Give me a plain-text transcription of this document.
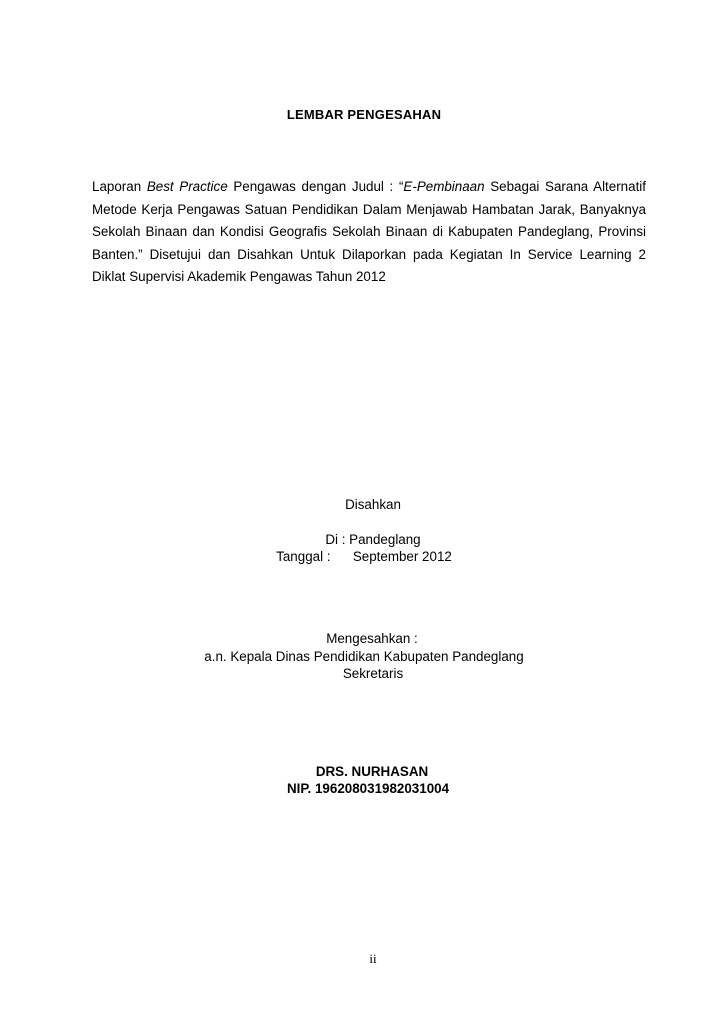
LEMBAR PENGESAHAN
Laporan Best Practice Pengawas dengan Judul : “E-Pembinaan Sebagai Sarana Alternatif Metode Kerja Pengawas Satuan Pendidikan Dalam Menjawab Hambatan Jarak, Banyaknya Sekolah Binaan dan Kondisi Geografis Sekolah Binaan di Kabupaten Pandeglang, Provinsi Banten.” Disetujui dan Disahkan Untuk Dilaporkan pada Kegiatan In Service Learning 2 Diklat Supervisi Akademik Pengawas Tahun 2012
Disahkan
Di : Pandeglang
Tanggal :      September 2012
Mengesahkan :
a.n. Kepala Dinas Pendidikan Kabupaten Pandeglang
Sekretaris
DRS. NURHASAN
NIP. 196208031982031004
ii
